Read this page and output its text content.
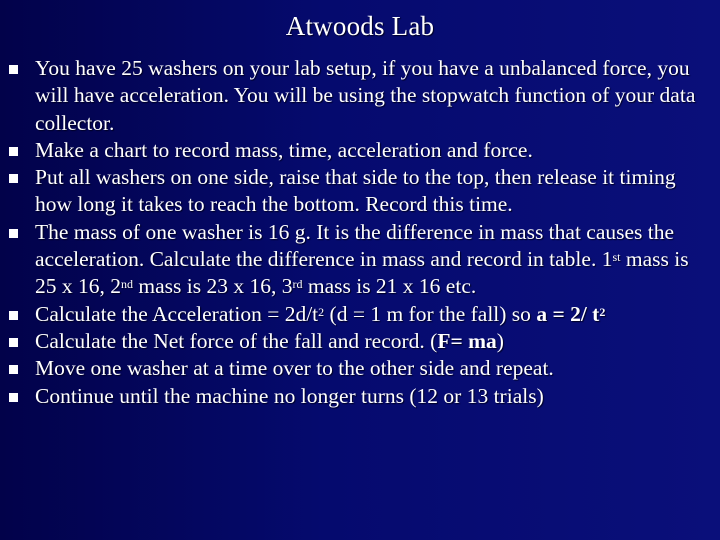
Atwoods Lab
You have 25 washers on your lab setup, if you have a unbalanced force, you will have acceleration. You will be using the stopwatch function of your data collector.
Make a chart to record mass, time, acceleration and force.
Put all washers on one side, raise that side to the top, then release it timing how long it takes to reach the bottom. Record this time.
The mass of one washer is 16 g. It is the difference in mass that causes the acceleration. Calculate the difference in mass and record in table. 1st mass is 25 x 16, 2nd mass is 23 x 16, 3rd mass is 21 x 16 etc.
Calculate the Acceleration = $2d/t^2$ (d = 1 m for the fall) so a = 2/ $t^2$
Calculate the Net force of the fall and record. (F= ma)
Move one washer at a time over to the other side and repeat.
Continue until the machine no longer turns (12 or 13 trials)
